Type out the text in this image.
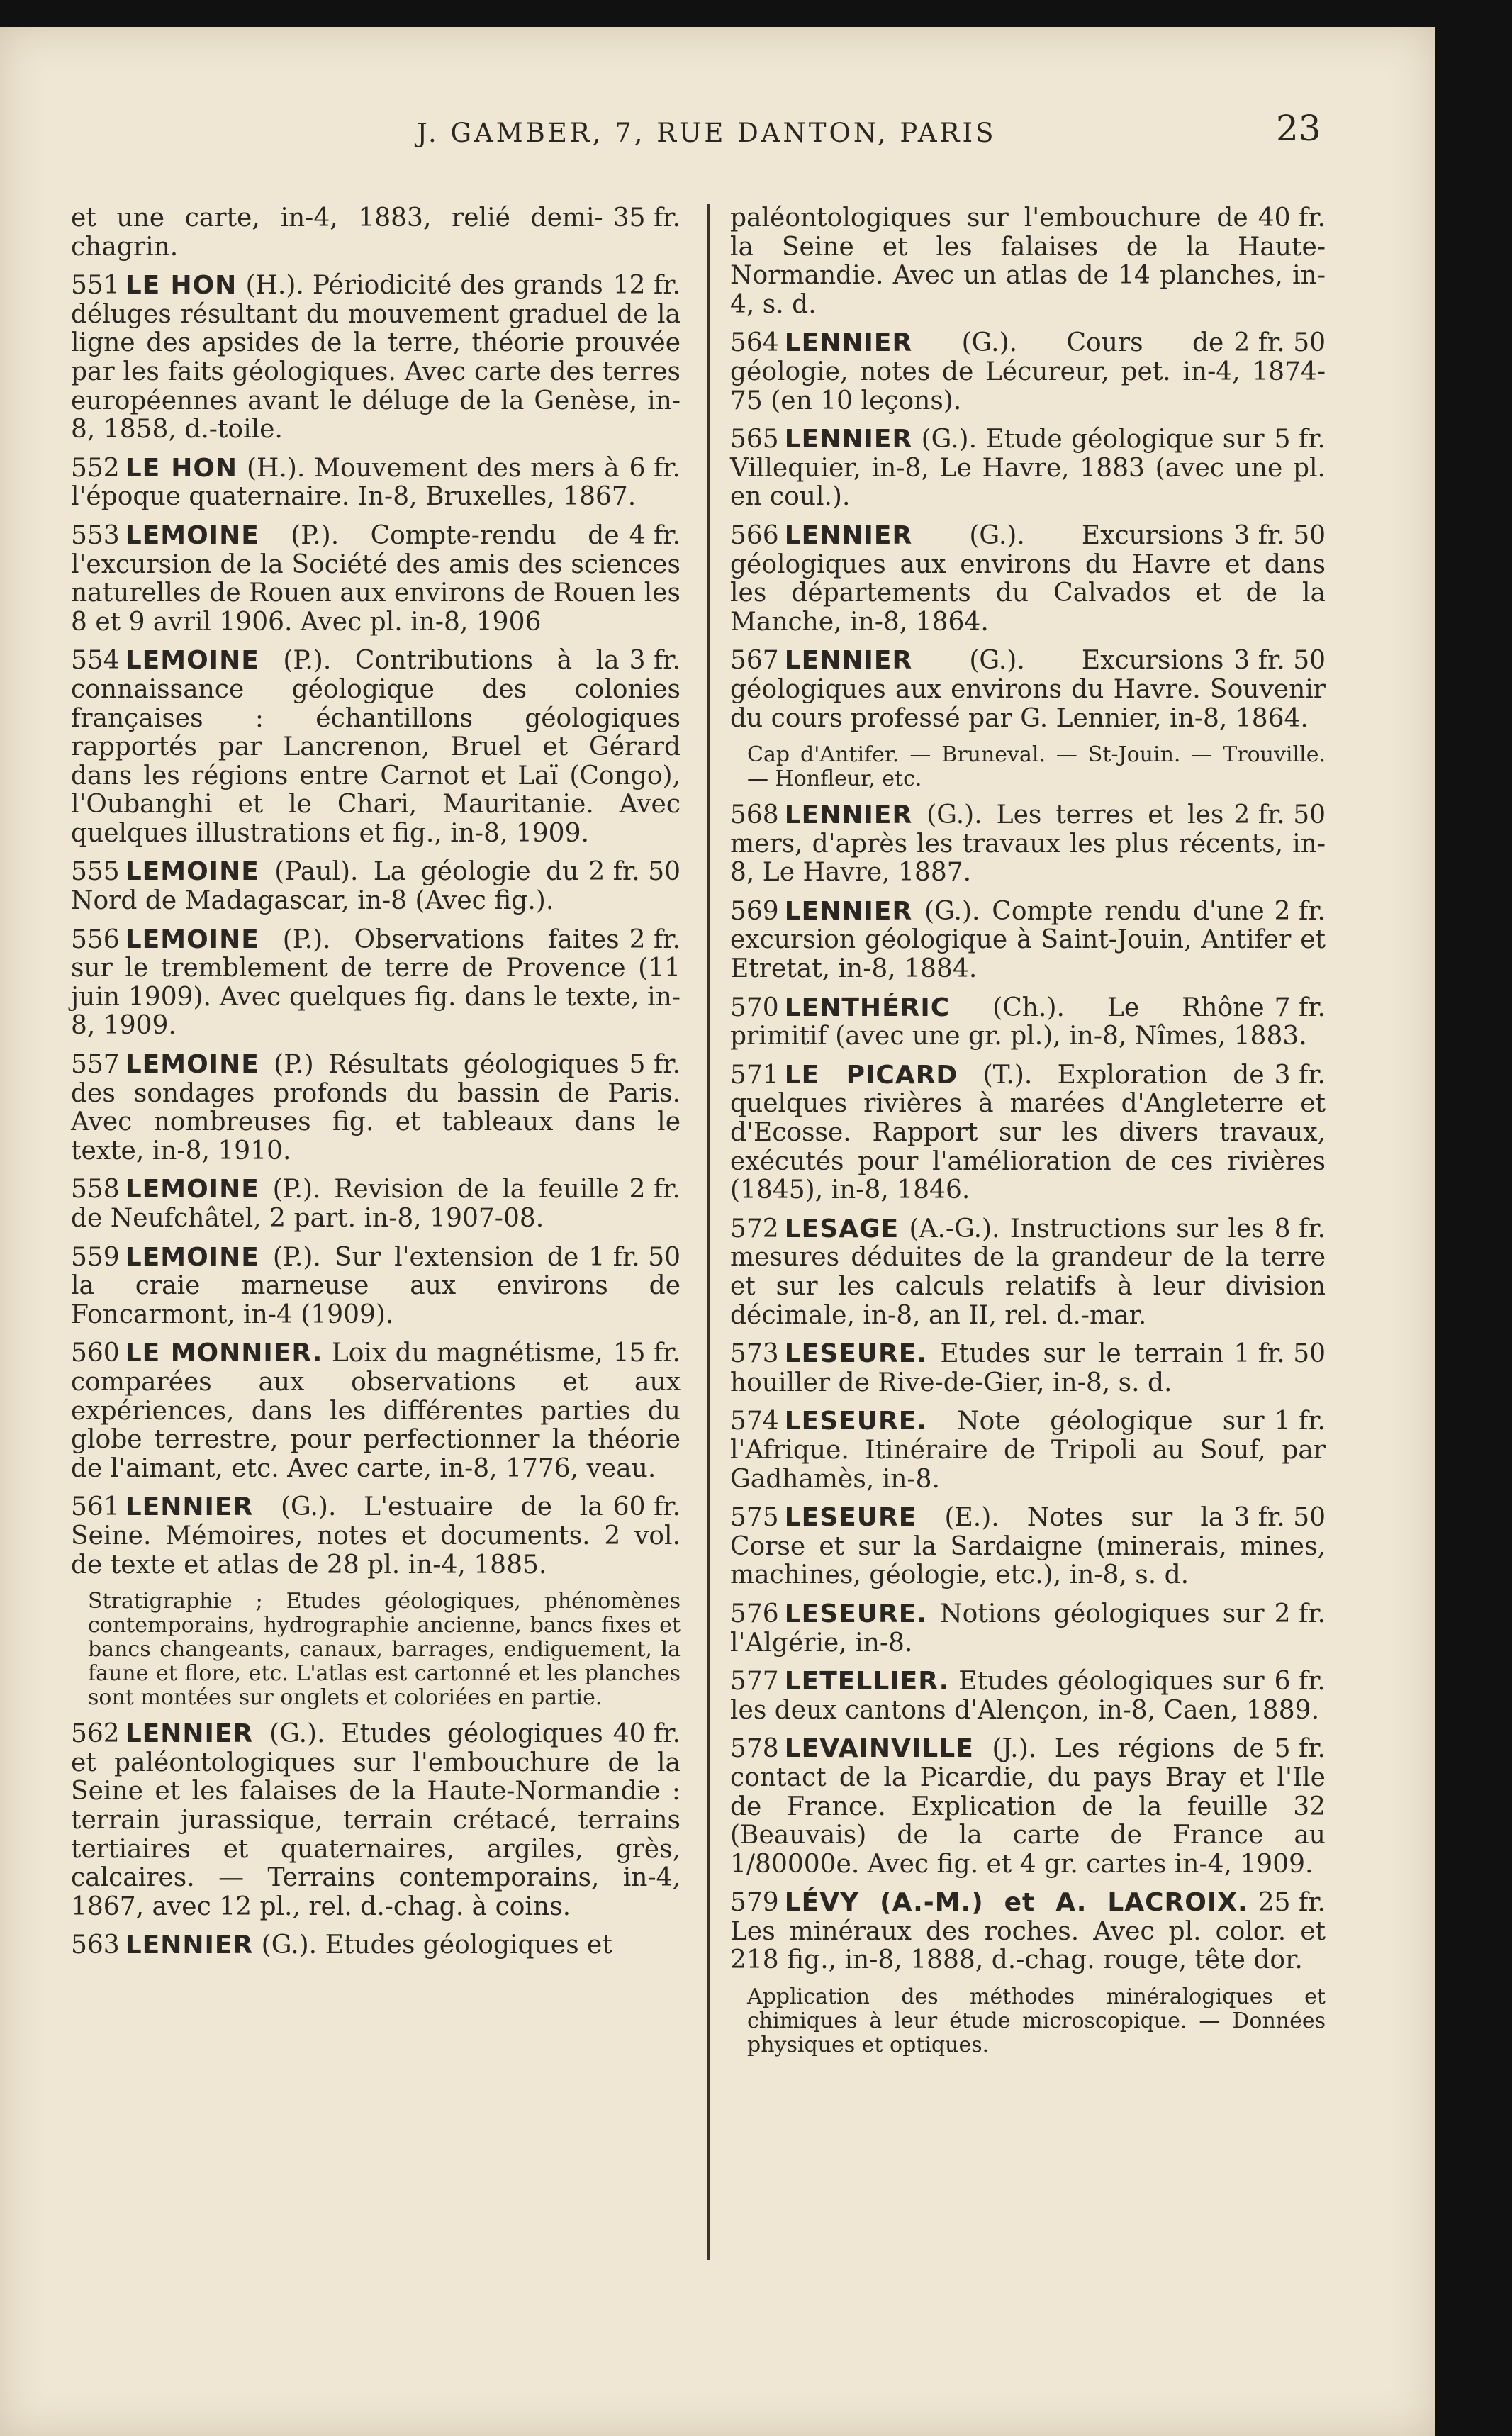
J. GAMBER, 7, RUE DANTON, PARIS	23
35 fr.
et une carte, in-4, 1883, relié demi-chagrin.
12 fr.
551 LE HON (H.). Périodicité des grands déluges résultant du mouvement graduel de la ligne des apsides de la terre, théorie prouvée par les faits géologiques. Avec carte des terres européennes avant le déluge de la Genèse, in-8, 1858, d.-toile.
6 fr.
552 LE HON (H.). Mouvement des mers à l'époque quaternaire. In-8, Bruxelles, 1867.
4 fr.
553 LEMOINE (P.). Compte-rendu de l'excursion de la Société des amis des sciences naturelles de Rouen aux environs de Rouen les 8 et 9 avril 1906. Avec pl. in-8, 1906
3 fr.
554 LEMOINE (P.). Contributions à la connaissance géologique des colonies françaises : échantillons géologiques rapportés par Lancrenon, Bruel et Gérard dans les régions entre Carnot et Laï (Congo), l'Oubanghi et le Chari, Mauritanie. Avec quelques illustrations et fig., in-8, 1909.
2 fr. 50
555 LEMOINE (Paul). La géologie du Nord de Madagascar, in-8 (Avec fig.).
2 fr.
556 LEMOINE (P.). Observations faites sur le tremblement de terre de Provence (11 juin 1909). Avec quelques fig. dans le texte, in-8, 1909.
5 fr.
557 LEMOINE (P.) Résultats géologiques des sondages profonds du bassin de Paris. Avec nombreuses fig. et tableaux dans le texte, in-8, 1910.
2 fr.
558 LEMOINE (P.). Revision de la feuille de Neufchâtel, 2 part. in-8, 1907-08.
1 fr. 50
559 LEMOINE (P.). Sur l'extension de la craie marneuse aux environs de Foncarmont, in-4 (1909).
15 fr.
560 LE MONNIER. Loix du magnétisme, comparées aux observations et aux expériences, dans les différentes parties du globe terrestre, pour perfectionner la théorie de l'aimant, etc. Avec carte, in-8, 1776, veau.
60 fr.
561 LENNIER (G.). L'estuaire de la Seine. Mémoires, notes et documents. 2 vol. de texte et atlas de 28 pl. in-4, 1885.
Stratigraphie ; Etudes géologiques, phénomènes contemporains, hydrographie ancienne, bancs fixes et bancs changeants, canaux, barrages, endiguement, la faune et flore, etc. L'atlas est cartonné et les planches sont montées sur onglets et coloriées en partie.
40 fr.
562 LENNIER (G.). Etudes géologiques et paléontologiques sur l'embouchure de la Seine et les falaises de la Haute-Normandie : terrain jurassique, terrain crétacé, terrains tertiaires et quaternaires, argiles, grès, calcaires. — Terrains contemporains, in-4, 1867, avec 12 pl., rel. d.-chag. à coins.
563 LENNIER (G.). Etudes géologiques et
40 fr.
paléontologiques sur l'embouchure de la Seine et les falaises de la Haute-Normandie. Avec un atlas de 14 planches, in-4, s. d.
2 fr. 50
564 LENNIER (G.). Cours de géologie, notes de Lécureur, pet. in-4, 1874-75 (en 10 leçons).
5 fr.
565 LENNIER (G.). Etude géologique sur Villequier, in-8, Le Havre, 1883 (avec une pl. en coul.).
3 fr. 50
566 LENNIER (G.). Excursions géologiques aux environs du Havre et dans les départements du Calvados et de la Manche, in-8, 1864.
3 fr. 50
567 LENNIER (G.). Excursions géologiques aux environs du Havre. Souvenir du cours professé par G. Lennier, in-8, 1864.
Cap d'Antifer. — Bruneval. — St-Jouin. — Trouville. — Honfleur, etc.
2 fr. 50
568 LENNIER (G.). Les terres et les mers, d'après les travaux les plus récents, in-8, Le Havre, 1887.
2 fr.
569 LENNIER (G.). Compte rendu d'une excursion géologique à Saint-Jouin, Antifer et Etretat, in-8, 1884.
7 fr.
570 LENTHÉRIC (Ch.). Le Rhône primitif (avec une gr. pl.), in-8, Nîmes, 1883.
3 fr.
571 LE PICARD (T.). Exploration de quelques rivières à marées d'Angleterre et d'Ecosse. Rapport sur les divers travaux, exécutés pour l'amélioration de ces rivières (1845), in-8, 1846.
8 fr.
572 LESAGE (A.-G.). Instructions sur les mesures déduites de la grandeur de la terre et sur les calculs relatifs à leur division décimale, in-8, an II, rel. d.-mar.
1 fr. 50
573 LESEURE. Etudes sur le terrain houiller de Rive-de-Gier, in-8, s. d.
1 fr.
574 LESEURE. Note géologique sur l'Afrique. Itinéraire de Tripoli au Souf, par Gadhamès, in-8.
3 fr. 50
575 LESEURE (E.). Notes sur la Corse et sur la Sardaigne (minerais, mines, machines, géologie, etc.), in-8, s. d.
2 fr.
576 LESEURE. Notions géologiques sur l'Algérie, in-8.
6 fr.
577 LETELLIER. Etudes géologiques sur les deux cantons d'Alençon, in-8, Caen, 1889.
5 fr.
578 LEVAINVILLE (J.). Les régions de contact de la Picardie, du pays Bray et l'Ile de France. Explication de la feuille 32 (Beauvais) de la carte de France au 1/80000e. Avec fig. et 4 gr. cartes in-4, 1909.
25 fr.
579 LÉVY (A.-M.) et A. LACROIX. Les minéraux des roches. Avec pl. color. et 218 fig., in-8, 1888, d.-chag. rouge, tête dor.
Application des méthodes minéralogiques et chimiques à leur étude microscopique. — Données physiques et optiques.
